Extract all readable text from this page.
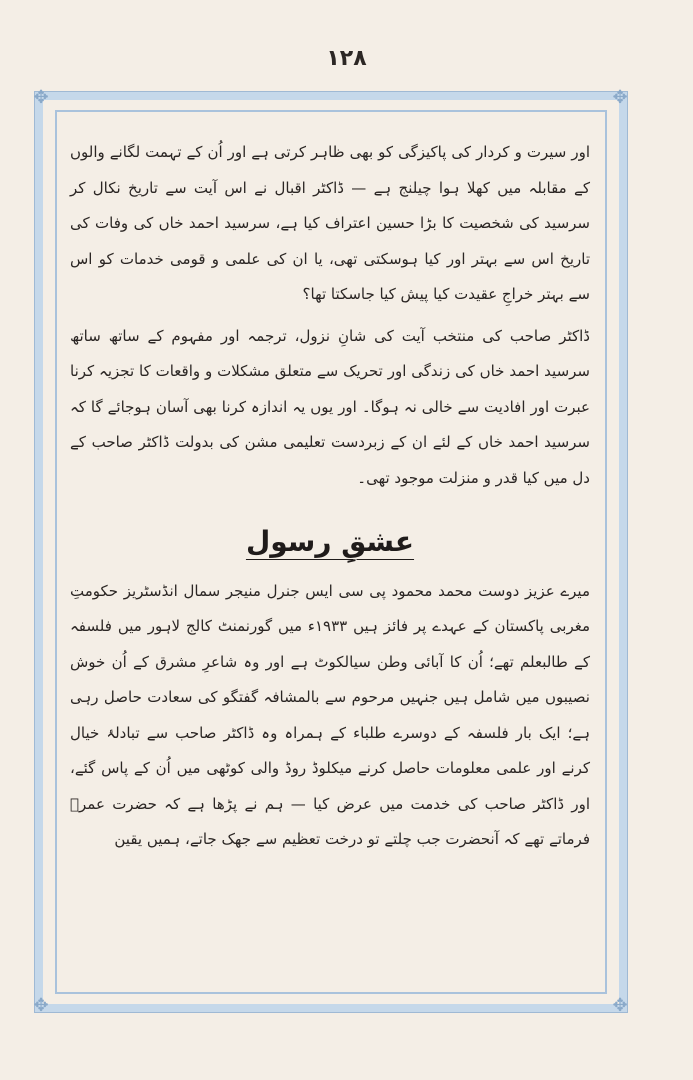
۱۲۸
✥	✥
✥	✥

اور سیرت و کردار کی پاکیزگی کو بھی ظاہر کرتی ہے اور اُن کے تہمت لگانے والوں کے مقابلہ میں کھلا ہوا چیلنج ہے — ڈاکٹر اقبال نے اس آیت سے تاریخ نکال کر سرسید کی شخصیت کا بڑا حسین اعتراف کیا ہے، سرسید احمد خاں کی وفات کی تاریخ اس سے بہتر اور کیا ہوسکتی تھی، یا ان کی علمی و قومی خدمات کو اس سے بہتر خراجِ عقیدت کیا پیش کیا جاسکتا تھا؟

ڈاکٹر صاحب کی منتخب آیت کی شانِ نزول، ترجمہ اور مفہوم کے ساتھ ساتھ سرسید احمد خاں کی زندگی اور تحریک سے متعلق مشکلات و واقعات کا تجزیہ کرنا عبرت اور افادیت سے خالی نہ ہوگا۔ اور یوں یہ اندازہ کرنا بھی آسان ہوجائے گا کہ سرسید احمد خاں کے لئے ان کے زبردست تعلیمی مشن کی بدولت ڈاکٹر صاحب کے دل میں کیا قدر و منزلت موجود تھی۔

عشقِ رسول

میرے عزیز دوست محمد محمود پی سی ایس جنرل منیجر سمال انڈسٹریز حکومتِ مغربی پاکستان کے عہدے پر فائز ہیں ۱۹۳۳ء میں گورنمنٹ کالج لاہور میں فلسفہ کے طالبعلم تھے؛ اُن کا آبائی وطن سیالکوٹ ہے اور وہ شاعرِ مشرق کے اُن خوش نصیبوں میں شامل ہیں جنہیں مرحوم سے بالمشافہ گفتگو کی سعادت حاصل رہی ہے؛ ایک بار فلسفہ کے دوسرے طلباء کے ہمراہ وہ ڈاکٹر صاحب سے تبادلۂ خیال کرنے اور علمی معلومات حاصل کرنے میکلوڈ روڈ والی کوٹھی میں اُن کے پاس گئے، اور ڈاکٹر صاحب کی خدمت میں عرض کیا — ہم نے پڑھا ہے کہ حضرت عمرؓ فرماتے تھے کہ آنحضرت جب چلتے تو درخت تعظیم سے جھک جاتے، ہمیں یقین
